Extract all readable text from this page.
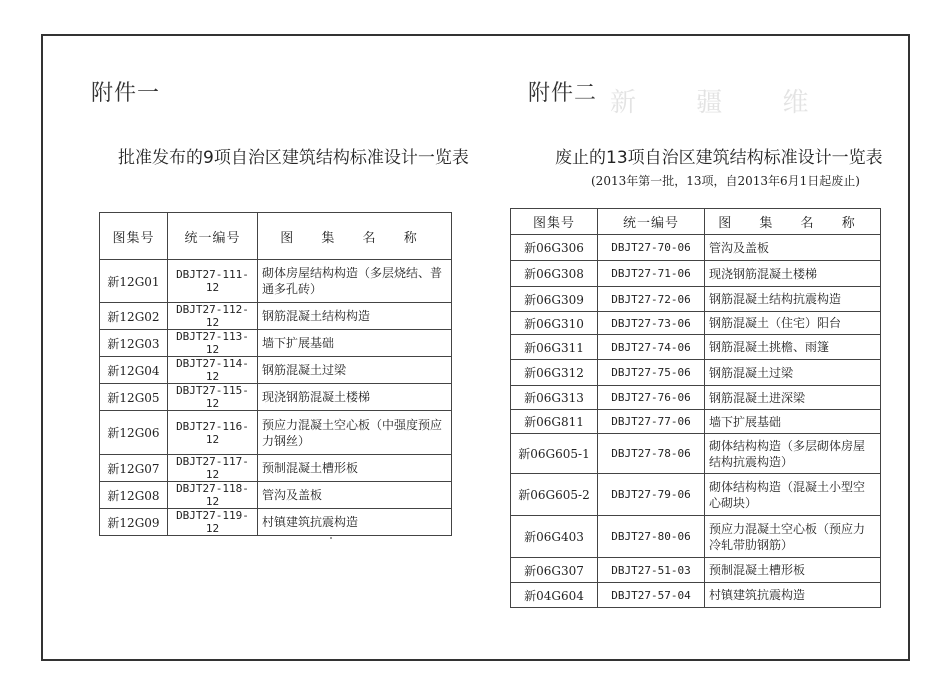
附件一
批准发布的9项自治区建筑结构标准设计一览表
图集号	统一编号	图 集 名 称
新12G01	DBJT27-111-12	砌体房屋结构构造（多层烧结、普通多孔砖）
新12G02	DBJT27-112-12	钢筋混凝土结构构造
新12G03	DBJT27-113-12	墙下扩展基础
新12G04	DBJT27-114-12	钢筋混凝土过梁
新12G05	DBJT27-115-12	现浇钢筋混凝土楼梯
新12G06	DBJT27-116-12	预应力混凝土空心板（中强度预应力钢丝）
新12G07	DBJT27-117-12	预制混凝土槽形板
新12G08	DBJT27-118-12	管沟及盖板
新12G09	DBJT27-119-12	村镇建筑抗震构造
附件二 新 疆 维
废止的13项自治区建筑结构标准设计一览表
(2013年第一批，13项，自2013年6月1日起废止)
图集号	统一编号	图 集 名 称
新06G306	DBJT27-70-06	管沟及盖板
新06G308	DBJT27-71-06	现浇钢筋混凝土楼梯
新06G309	DBJT27-72-06	钢筋混凝土结构抗震构造
新06G310	DBJT27-73-06	钢筋混凝土（住宅）阳台
新06G311	DBJT27-74-06	钢筋混凝土挑檐、雨篷
新06G312	DBJT27-75-06	钢筋混凝土过梁
新06G313	DBJT27-76-06	钢筋混凝土进深梁
新06G811	DBJT27-77-06	墙下扩展基础
新06G605-1	DBJT27-78-06	砌体结构构造（多层砌体房屋结构抗震构造）
新06G605-2	DBJT27-79-06	砌体结构构造（混凝土小型空心砌块）
新06G403	DBJT27-80-06	预应力混凝土空心板（预应力冷轧带肋钢筋）
新06G307	DBJT27-51-03	预制混凝土槽形板
新04G604	DBJT27-57-04	村镇建筑抗震构造
